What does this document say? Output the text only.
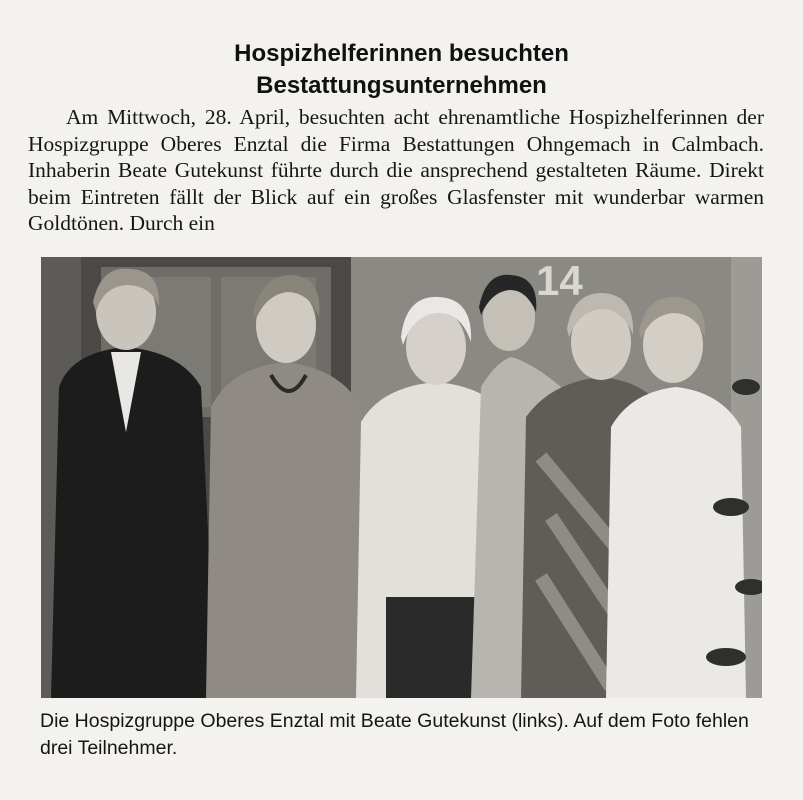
Hospizhelferinnen besuchten
Bestattungsunternehmen

Am Mittwoch, 28. April, besuchten acht ehrenamtliche Hospizhelferinnen der Hospizgruppe Oberes Enztal die Firma Bestattungen Ohngemach in Calmbach. Inhaberin Beate Gutekunst führte durch die ansprechend gestalteten Räume. Direkt beim Eintreten fällt der Blick auf ein großes Glasfenster mit wunderbar warmen Goldtönen. Durch ein

14

Die Hospizgruppe Oberes Enztal mit Beate Gutekunst (links). Auf dem Foto fehlen drei Teilnehmer.
